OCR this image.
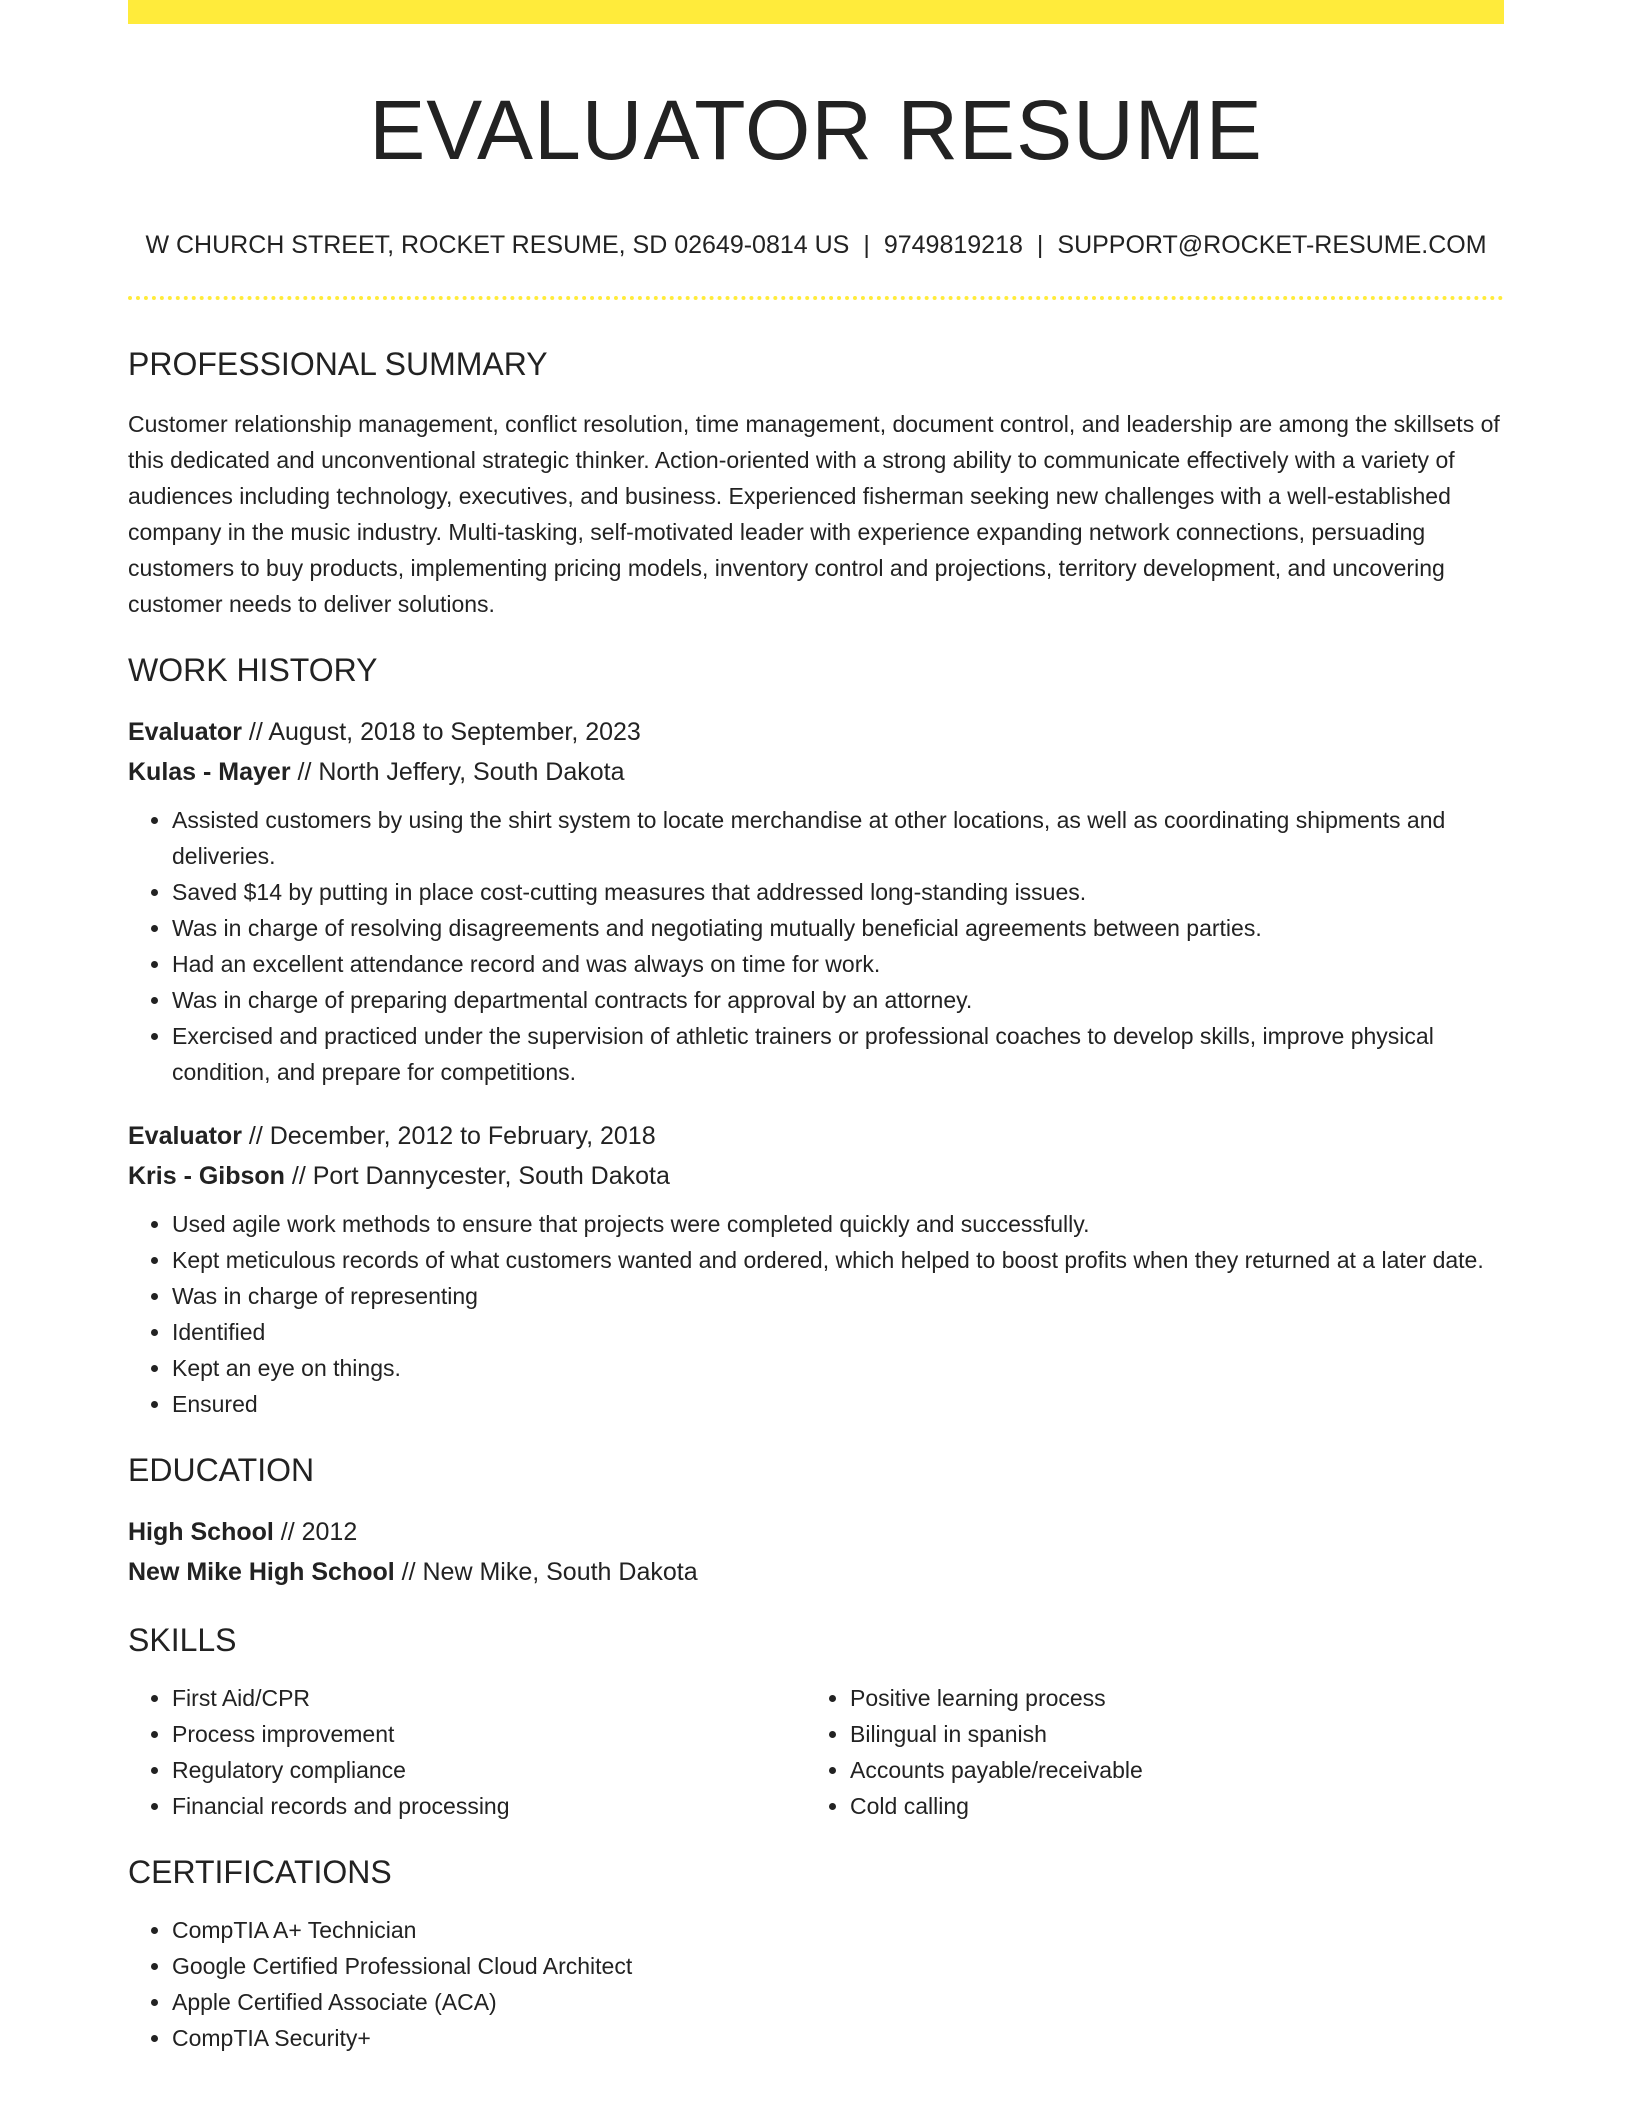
EVALUATOR RESUME
W CHURCH STREET, ROCKET RESUME, SD 02649-0814 US | 9749819218 | SUPPORT@ROCKET-RESUME.COM
PROFESSIONAL SUMMARY
Customer relationship management, conflict resolution, time management, document control, and leadership are among the skillsets of this dedicated and unconventional strategic thinker. Action-oriented with a strong ability to communicate effectively with a variety of audiences including technology, executives, and business. Experienced fisherman seeking new challenges with a well-established company in the music industry. Multi-tasking, self-motivated leader with experience expanding network connections, persuading customers to buy products, implementing pricing models, inventory control and projections, territory development, and uncovering customer needs to deliver solutions.
WORK HISTORY
Evaluator // August, 2018 to September, 2023
Kulas - Mayer // North Jeffery, South Dakota
• Assisted customers by using the shirt system to locate merchandise at other locations, as well as coordinating shipments and deliveries.
• Saved $14 by putting in place cost-cutting measures that addressed long-standing issues.
• Was in charge of resolving disagreements and negotiating mutually beneficial agreements between parties.
• Had an excellent attendance record and was always on time for work.
• Was in charge of preparing departmental contracts for approval by an attorney.
• Exercised and practiced under the supervision of athletic trainers or professional coaches to develop skills, improve physical condition, and prepare for competitions.
Evaluator // December, 2012 to February, 2018
Kris - Gibson // Port Dannycester, South Dakota
• Used agile work methods to ensure that projects were completed quickly and successfully.
• Kept meticulous records of what customers wanted and ordered, which helped to boost profits when they returned at a later date.
• Was in charge of representing
• Identified
• Kept an eye on things.
• Ensured
EDUCATION
High School // 2012
New Mike High School // New Mike, South Dakota
SKILLS
• First Aid/CPR
• Process improvement
• Regulatory compliance
• Financial records and processing
• Positive learning process
• Bilingual in spanish
• Accounts payable/receivable
• Cold calling
CERTIFICATIONS
• CompTIA A+ Technician
• Google Certified Professional Cloud Architect
• Apple Certified Associate (ACA)
• CompTIA Security+
